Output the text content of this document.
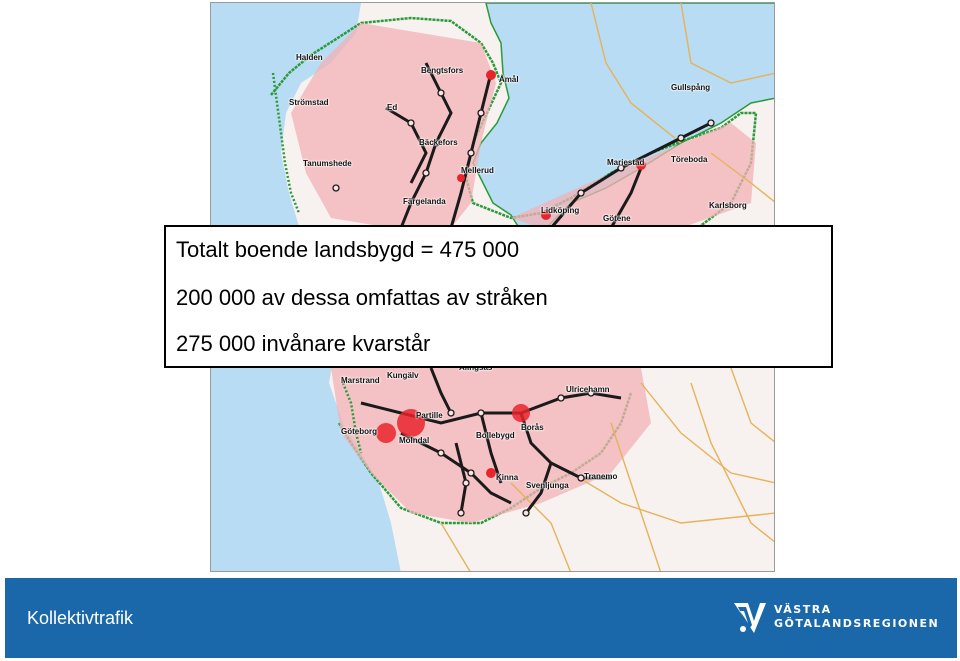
Halden
Bengtsfors
Åmål
Gullspång
Strömstad
Ed
Bäckefors
Tanumshede
Mellerud
Mariestad	Töreboda
Färgelanda
Lidköping
Götene
Karlsborg
Kungälv
Marstrand
Ulricehamn
Partille
Göteborg	Borås
Bollebygd
Mölndal
Tranemo
Kinna
Svenljunga
Totalt boende landsbygd = 475 000
200 000 av dessa omfattas av stråken
275 000 invånare kvarstår
Kollektivtrafik	VÄSTRA
GÖTALANDSREGIONEN
